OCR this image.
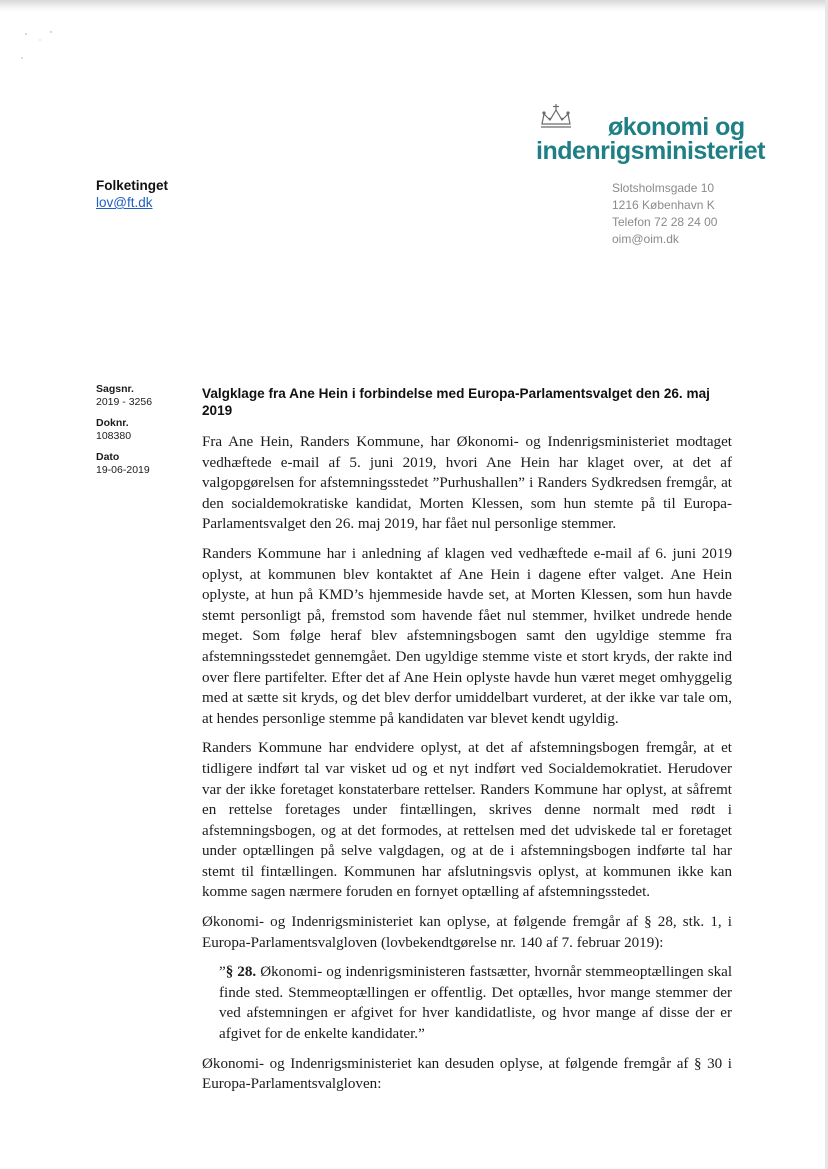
økonomi og
indenrigsministeriet
Folketinget
lov@ft.dk
Slotsholmsgade 10
1216 København K
Telefon 72 28 24 00
oim@oim.dk
Sagsnr.
2019 - 3256
Doknr.
108380
Dato
19-06-2019
Valgklage fra Ane Hein i forbindelse med Europa-Parlamentsvalget den 26. maj 2019

Fra Ane Hein, Randers Kommune, har Økonomi- og Indenrigsministeriet modtaget vedhæftede e-mail af 5. juni 2019, hvori Ane Hein har klaget over, at det af valgopgørelsen for afstemningsstedet ”Purhushallen” i Randers Sydkredsen fremgår, at den socialdemokratiske kandidat, Morten Klessen, som hun stemte på til Europa-Parlamentsvalget den 26. maj 2019, har fået nul personlige stemmer.

Randers Kommune har i anledning af klagen ved vedhæftede e-mail af 6. juni 2019 oplyst, at kommunen blev kontaktet af Ane Hein i dagene efter valget. Ane Hein oplyste, at hun på KMD’s hjemmeside havde set, at Morten Klessen, som hun havde stemt personligt på, fremstod som havende fået nul stemmer, hvilket undrede hende meget. Som følge heraf blev afstemningsbogen samt den ugyldige stemme fra afstemningsstedet gennemgået. Den ugyldige stemme viste et stort kryds, der rakte ind over flere partifelter. Efter det af Ane Hein oplyste havde hun været meget omhyggelig med at sætte sit kryds, og det blev derfor umiddelbart vurderet, at der ikke var tale om, at hendes personlige stemme på kandidaten var blevet kendt ugyldig.

Randers Kommune har endvidere oplyst, at det af afstemningsbogen fremgår, at et tidligere indført tal var visket ud og et nyt indført ved Socialdemokratiet. Herudover var der ikke foretaget konstaterbare rettelser. Randers Kommune har oplyst, at såfremt en rettelse foretages under fintællingen, skrives denne normalt med rødt i afstemningsbogen, og at det formodes, at rettelsen med det udviskede tal er foretaget under optællingen på selve valgdagen, og at de i afstemningsbogen indførte tal har stemt til fintællingen. Kommunen har afslutningsvis oplyst, at kommunen ikke kan komme sagen nærmere foruden en fornyet optælling af afstemningsstedet.

Økonomi- og Indenrigsministeriet kan oplyse, at følgende fremgår af § 28, stk. 1, i Europa-Parlamentsvalgloven (lovbekendtgørelse nr. 140 af 7. februar 2019):

”§ 28. Økonomi- og indenrigsministeren fastsætter, hvornår stemmeoptællingen skal finde sted. Stemmeoptællingen er offentlig. Det optælles, hvor mange stemmer der ved afstemningen er afgivet for hver kandidatliste, og hvor mange af disse der er afgivet for de enkelte kandidater.”

Økonomi- og Indenrigsministeriet kan desuden oplyse, at følgende fremgår af § 30 i Europa-Parlamentsvalgloven:
